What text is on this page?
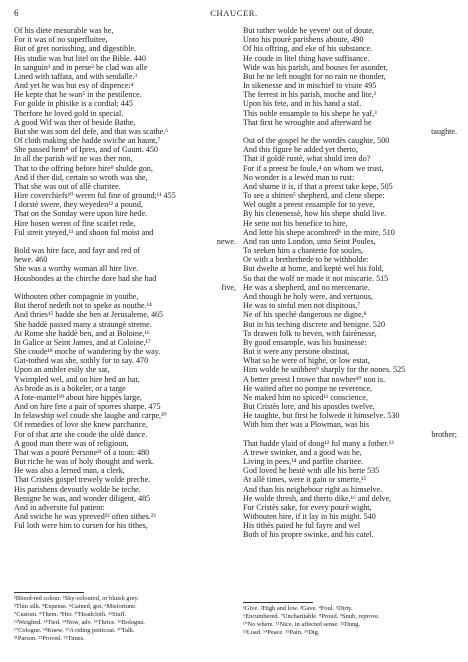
6	CHAUCER.
Of his diete mesurable was he,
For it was of no superfluitee,
But of gret norisshing, and digestible.
His studie was but litel on the Bible. 440
In sanguin¹ and in perse² he clad was alle
Lined with taffata, and with sendalle.³
And yet he was but esy of dispence:⁴
He kepte that he wan⁵ in the pestilence.
For golde in phisike is a cordial; 445
Therfore he loved gold in special.
A good Wif was ther of beside Bathe,
But she was som del defe, and that was scathe.⁶
Of cloth making she hadde swiche an haunt,⁷
She passed hem⁸ of Ipres, and of Gaunt. 450
In all the parish wif ne was ther non,
That to the offring before hire⁹ shulde gon,
And if ther did, certain so wroth was she,
That she was out of allè charitee.
Hire coverchiefs¹⁰ weren ful fine of ground;¹¹ 455
I dorstè swere, they weyeden¹² a pound,
That on the Sonday were upon hire hede.
Hire hosen weren of fine scarlet rede,
Ful streit yteyed,¹³ and shoon ful moist and
newe.
Bold was hire face, and fayr and red of
hewe. 460
She was a worthy woman all hire live.
Housbondes at the chirche dore had she had
five,
Withouten other compagnie in youthe,
But therof nedeth not to speke as nouthe.¹⁴
And thries¹⁵ hadde she ben at Jerusaleme, 465
She haddè passed many a straungè streme.
At Rome she haddè ben, and at Boloine,¹⁶
In Galice at Seint James, and at Coloine,¹⁷
She coude¹⁸ moche of wandering by the way.
Gat-tothed was she, sothly for to say. 470
Upon an ambler esily she sat,
Ywimpled wel, and on hire hed an hat,
As brode as is a bokeler, or a targe
A fote-mantel¹⁹ about hire hippès large,
And on hire fete a pair of sporres sharpe. 475
In felawship wel coude she laughe and carpe,²⁰
Of remedies of love she knew parchance,
For of that arte she coude the oldè dance.
A good man there was of religioun,
That was a pourè Persone²¹ of a toun: 480
But riche he was of holy thought and werk.
He was also a lerned man, a clerk,
That Cristès gospel trewely wolde preche.
His parishens devoutly wolde he teche.
Benigne he was, and wonder diligent, 485
And in adversite ful patient:
And swiche he was ypreved²² often sithes.²³
Ful loth were him to cursen for his tithes,
But rather wolde he yeven¹ out of doute,
Unto his pourè parishens aboute, 490
Of his offring, and eke of his substance.
He coude in litel thing have suffisance.
Wide was his parish, and houses fer asonder,
But he ne left nought for no rain ne thonder,
In sikenesse and in mischief to visite 495
The ferrest in his parish, moche and lite,²
Upon his fete, and in his hand a staf.
This noble ensample to his shepe he yaf,³
That first he wroughte and afterward he
taughte.
Out of the gospel he the wordès caughte, 500
And this figure he added yet therto,
That if goldè rustè, what shuld iren do?
For if a preest be foule,⁴ on whom we trust,
No wonder is a lewèd man to rust:
And shame it is, if that a preest take kepe, 505
To see a shitten⁵ shepherd, and clene shepe:
Wel ought a preest ensample for to yeve,
By his clenenessè, how his shepe shuld live.
He sette not his benefice to hire,
And lette his shepe acombred⁶ in the mire, 510
And ran unto London, unto Seint Poules,
To seeken him a chanterie for soules,
Or with a bretherhede to be withholde:
But dwelte at home, and keptè wel his fold,
So that the wolf ne made it not miscarie. 515
He was a shepherd, and no mercenarie.
And though he holy were, and vertuous,
He was to sinful men not dispitous,⁷
Ne of his spechè dangerous ne digne,⁸
But in his teching discrete and benigne. 520
To drawen folk to heven, with fairènesse,
By good ensample, was his businesse:
But it were any persone obstinat,
What so he were of highe, or low estat,
Him wolde he snibben⁹ sharply for the nones. 525
A better preest I trowe that nowher¹⁰ non is.
He waited after no pompe ne reverence,
Ne maked him no spiced¹¹ conscience,
But Cristès lore, and his apostles twelve,
He taughte, but first he folwede it himselve. 530
With him ther was a Plowman, was his
brother;
That hadde ylaid of dong¹² ful many a fother.¹³
A trewe swinker, and a good was he,
Living in pees,¹⁴ and parfite charitee.
God loved he bestè with alle his herte 535
At allè times, were it gain or smerte,¹⁵
And than his neighebour right as himselve.
He wolde thresh, and therto dike,¹⁶ and delve,
For Cristès sake, for every pourè wight,
Withouten hire, if it lay in his might. 540
His tithès paied he ful fayre and wel
Both of his propre swinke, and his catel.
¹Blood-red colour. ²Sky-coloured, or bluish grey.
³Thin silk. ⁴Expense. ⁵Gained, got. ⁶Misfortune.
⁷Custom. ⁸Them. ⁹Her. ¹⁰Headcloth. ¹¹Stuff.
¹²Weighed. ¹³Tied. ¹⁴Now, adv. ¹⁵Thrice. ¹⁶Bologna.
¹⁷Cologne. ¹⁸Knew. ¹⁹A riding petticoat. ²⁰Talk.
²¹Parson. ²²Proved. ²³Times.
¹Give. ²High and low. ³Gave. ⁴Foul. ⁵Dirty.
⁶Encumbered. ⁷Uncharitable. ⁸Proud. ⁹Snub, reprove.
¹⁰No where. ¹¹Nice, in affected sense. ¹²Dung.
¹³Load. ¹⁴Peace. ¹⁵Pain. ¹⁶Dig.
